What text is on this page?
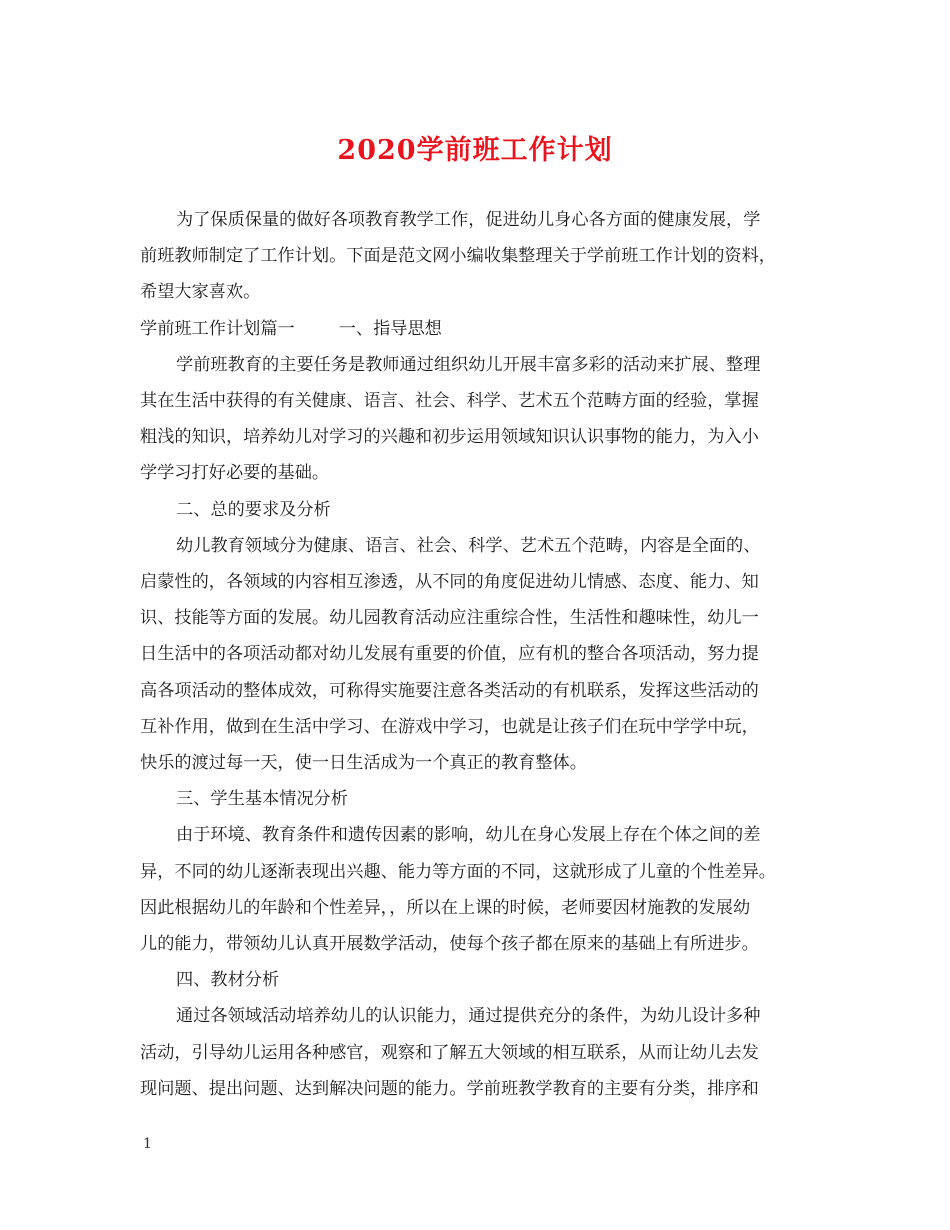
2020学前班工作计划
为了保质保量的做好各项教育教学工作，促进幼儿身心各方面的健康发展，学
前班教师制定了工作计划。下面是范文网小编收集整理关于学前班工作计划的资料，
希望大家喜欢。
学前班工作计划篇一	一、指导思想
学前班教育的主要任务是教师通过组织幼儿开展丰富多彩的活动来扩展、整理
其在生活中获得的有关健康、语言、社会、科学、艺术五个范畴方面的经验，掌握
粗浅的知识，培养幼儿对学习的兴趣和初步运用领域知识认识事物的能力，为入小
学学习打好必要的基础。
二、总的要求及分析
幼儿教育领域分为健康、语言、社会、科学、艺术五个范畴，内容是全面的、
启蒙性的，各领域的内容相互渗透，从不同的角度促进幼儿情感、态度、能力、知
识、技能等方面的发展。幼儿园教育活动应注重综合性，生活性和趣味性，幼儿一
日生活中的各项活动都对幼儿发展有重要的价值，应有机的整合各项活动，努力提
高各项活动的整体成效，可称得实施要注意各类活动的有机联系，发挥这些活动的
互补作用，做到在生活中学习、在游戏中学习，也就是让孩子们在玩中学学中玩，
快乐的渡过每一天，使一日生活成为一个真正的教育整体。
三、学生基本情况分析
由于环境、教育条件和遗传因素的影响，幼儿在身心发展上存在个体之间的差
异，不同的幼儿逐渐表现出兴趣、能力等方面的不同，这就形成了儿童的个性差异。
因此根据幼儿的年龄和个性差异，，所以在上课的时候，老师要因材施教的发展幼
儿的能力，带领幼儿认真开展数学活动，使每个孩子都在原来的基础上有所进步。
四、教材分析
通过各领域活动培养幼儿的认识能力，通过提供充分的条件，为幼儿设计多种
活动，引导幼儿运用各种感官，观察和了解五大领域的相互联系，从而让幼儿去发
现问题、提出问题、达到解决问题的能力。学前班教学教育的主要有分类，排序和
1
